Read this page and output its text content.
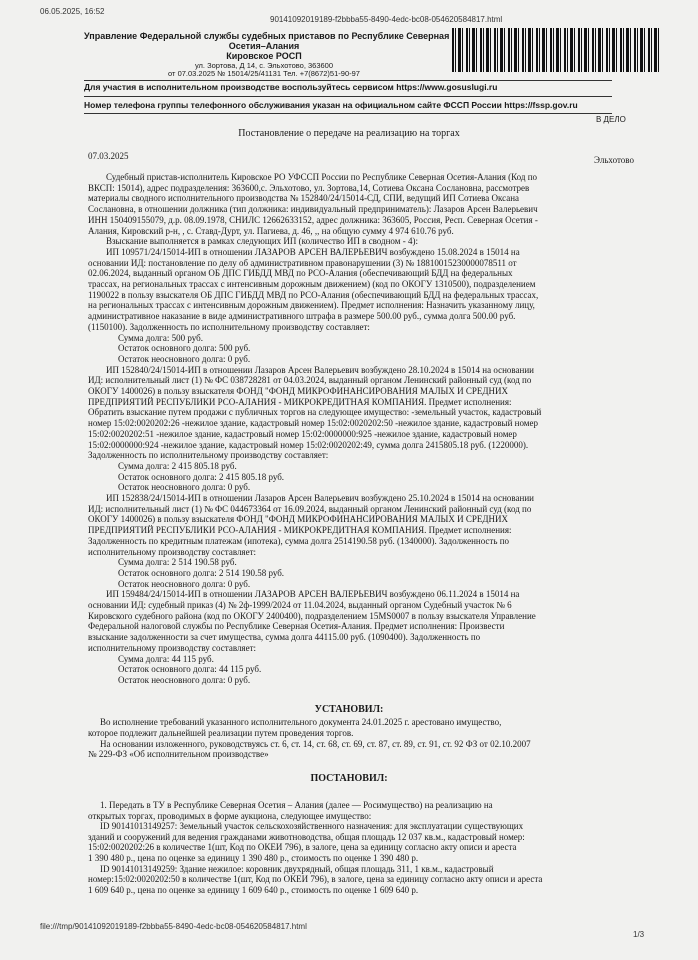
06.05.2025, 16:52
90141092019189-f2bbba55-8490-4edc-bc08-054620584817.html
Управление Федеральной службы судебных приставов по Республике Северная
Осетия–Алания
Кировское РОСП
ул. Зортова, Д 14, с. Эльхотово, 363600
от 07.03.2025 № 15014/25/41131 Тел. +7(8672)51-90-97
Для участия в исполнительном производстве воспользуйтесь сервисом https://www.gosuslugi.ru
Номер телефона группы телефонного обслуживания указан на официальном сайте ФССП России https://fssp.gov.ru
В ДЕЛО
Постановление о передаче на реализацию на торгах
07.03.2025	Эльхотово
Судебный пристав-исполнитель Кировское РО УФССП России по Республике Северная Осетия-Алания (Код по
ВКСП: 15014), адрес подразделения: 363600,с. Эльхотово, ул. Зортова,14, Сотиева Оксана Сослановна, рассмотрев
материалы сводного исполнительного производства № 152840/24/15014-СД, СПИ, ведущий ИП Сотиева Оксана
Сослановна, в отношении должника (тип должника: индивидуальный предприниматель): Лазаров Арсен Валерьевич
ИНН 150409155079, д.р. 08.09.1978, СНИЛС 12662633152, адрес должника: 363605, Россия, Респ. Северная Осетия -
Алания, Кировский р-н, , с. Ставд-Дурт, ул. Пагиева, д. 46, ,, на общую сумму 4 974 610.76 руб.
Взыскание выполняется в рамках следующих ИП (количество ИП в сводном - 4):
ИП 109571/24/15014-ИП в отношении ЛАЗАРОВ АРСЕН ВАЛЕРЬЕВИЧ возбуждено 15.08.2024 в 15014 на
основании ИД: постановление по делу об административном правонарушении (3) № 18810015230000078511 от
02.06.2024, выданный органом ОБ ДПС ГИБДД МВД по РСО-Алания (обеспечивающий БДД на федеральных
трассах, на региональных трассах с интенсивным дорожным движением) (код по ОКОГУ 1310500), подразделением
1190022 в пользу взыскателя ОБ ДПС ГИБДД МВД по РСО-Алания (обеспечивающий БДД на федеральных трассах,
на региональных трассах с интенсивным дорожным движением). Предмет исполнения: Назначить указанному лицу,
административное наказание в виде административного штрафа в размере 500.00 руб., сумма долга 500.00 руб.
(1150100). Задолженность по исполнительному производству составляет:
Сумма долга: 500 руб.
Остаток основного долга: 500 руб.
Остаток неосновного долга: 0 руб.
ИП 152840/24/15014-ИП в отношении Лазаров Арсен Валерьевич возбуждено 28.10.2024 в 15014 на основании
ИД: исполнительный лист (1) № ФС 038728281 от 04.03.2024, выданный органом Ленинский районный суд (код по
ОКОГУ 1400026) в пользу взыскателя ФОНД "ФОНД МИКРОФИНАНСИРОВАНИЯ МАЛЫХ И СРЕДНИХ
ПРЕДПРИЯТИЙ РЕСПУБЛИКИ РСО-АЛАНИЯ - МИКРОКРЕДИТНАЯ КОМПАНИЯ. Предмет исполнения:
Обратить взыскание путем продажи с публичных торгов на следующее имущество: -земельный участок, кадастровый
номер 15:02:0020202:26 -нежилое здание, кадастровый номер 15:02:0020202:50 -нежилое здание, кадастровый номер
15:02:0020202:51 -нежилое здание, кадастровый номер 15:02:0000000:925 -нежилое здание, кадастровый номер
15:02:0000000:924 -нежилое здание, кадастровый номер 15:02:0020202:49, сумма долга 2415805.18 руб. (1220000).
Задолженность по исполнительному производству составляет:
Сумма долга: 2 415 805.18 руб.
Остаток основного долга: 2 415 805.18 руб.
Остаток неосновного долга: 0 руб.
ИП 152838/24/15014-ИП в отношении Лазаров Арсен Валерьевич возбуждено 25.10.2024 в 15014 на основании
ИД: исполнительный лист (1) № ФС 044673364 от 16.09.2024, выданный органом Ленинский районный суд (код по
ОКОГУ 1400026) в пользу взыскателя ФОНД "ФОНД МИКРОФИНАНСИРОВАНИЯ МАЛЫХ И СРЕДНИХ
ПРЕДПРИЯТИЙ РЕСПУБЛИКИ РСО-АЛАНИЯ - МИКРОКРЕДИТНАЯ КОМПАНИЯ. Предмет исполнения:
Задолженность по кредитным платежам (ипотека), сумма долга 2514190.58 руб. (1340000). Задолженность по
исполнительному производству составляет:
Сумма долга: 2 514 190.58 руб.
Остаток основного долга: 2 514 190.58 руб.
Остаток неосновного долга: 0 руб.
ИП 159484/24/15014-ИП в отношении ЛАЗАРОВ АРСЕН ВАЛЕРЬЕВИЧ возбуждено 06.11.2024 в 15014 на
основании ИД: судебный приказ (4) № 2ф-1999/2024 от 11.04.2024, выданный органом Судебный участок № 6
Кировского судебного района (код по ОКОГУ 2400400), подразделением 15МS0007 в пользу взыскателя Управление
Федеральной налоговой службы по Республике Северная Осетия-Алания. Предмет исполнения: Произвести
взыскание задолженности за счет имущества, сумма долга 44115.00 руб. (1090400). Задолженность по
исполнительному производству составляет:
Сумма долга: 44 115 руб.
Остаток основного долга: 44 115 руб.
Остаток неосновного долга: 0 руб.
УСТАНОВИЛ:
Во исполнение требований указанного исполнительного документа 24.01.2025 г. арестовано имущество,
которое подлежит дальнейшей реализации путем проведения торгов.
На основании изложенного, руководствуясь ст. 6, ст. 14, ст. 68, ст. 69, ст. 87, ст. 89, ст. 91, ст. 92 ФЗ от 02.10.2007
№ 229-ФЗ «Об исполнительном производстве»
ПОСТАНОВИЛ:
1. Передать в ТУ в Республике Северная Осетия – Алания (далее — Росимущество) на реализацию на
открытых торгах, проводимых в форме аукциона, следующее имущество:
ID 90141013149257: Земельный участок сельскохозяйственного назначения: для эксплуатации существующих
зданий и сооружений для ведения гражданами животноводства, общая площадь 12 037 кв.м., кадастровый номер:
15:02:0020202:26 в количестве 1(шт, Код по ОКЕИ 796), в залоге, цена за единицу согласно акту описи и ареста
1 390 480 р., цена по оценке за единицу 1 390 480 р., стоимость по оценке 1 390 480 р.
ID 90141013149259: Здание нежилое: коровник двухрядный, общая площадь 311, 1 кв.м., кадастровый
номер:15:02:0020202:50 в количестве 1(шт, Код по ОКЕИ 796), в залоге, цена за единицу согласно акту описи и ареста
1 609 640 р., цена по оценке за единицу 1 609 640 р., стоимость по оценке 1 609 640 р.
file:///tmp/90141092019189-f2bbba55-8490-4edc-bc08-054620584817.html
1/3
